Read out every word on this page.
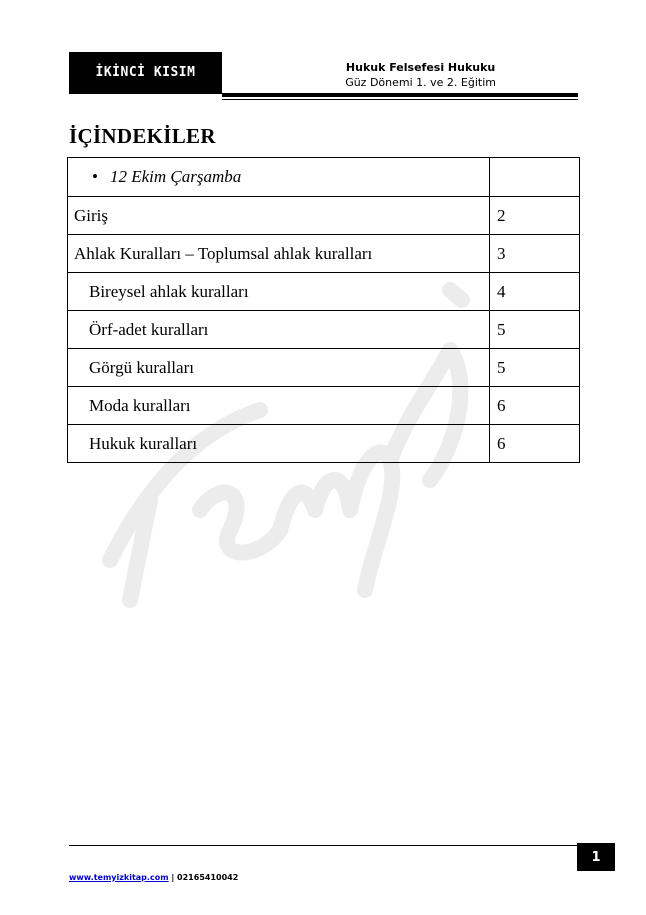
İKİNCİ KISIM	Hukuk Felsefesi Hukuku
Güz Dönemi 1. ve 2. Eğitim
İÇİNDEKİLER
• 12 Ekim Çarşamba	
Giriş	2
Ahlak Kuralları – Toplumsal ahlak kuralları	3
Bireysel ahlak kuralları	4
Örf-adet kuralları	5
Görgü kuralları	5
Moda kuralları	6
Hukuk kuralları	6
1
www.temyizkitap.com | 02165410042
